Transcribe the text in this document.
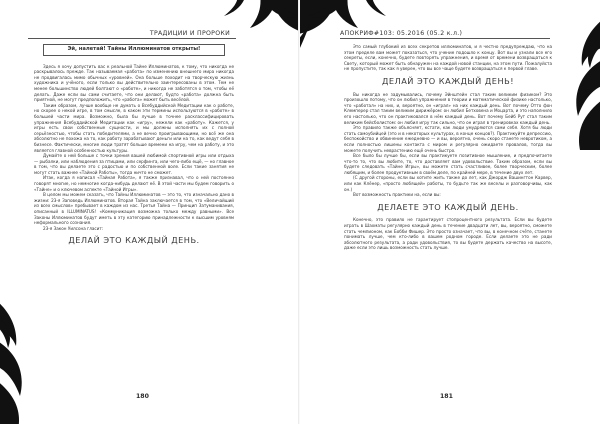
ТРАДИЦИИ И ПРОРОКИ
Эй, налетай! Тайны Иллюминатов открыты!

Здесь я хочу допустить вас к реальной Тайне Иллюминатов, к тому, что никогда не раскрывалось прежде. Так называемая «работа» по изменению внешнего мира никогда не продвигалась мимо обычных «уровней». Она больше походит на творческую жизнь художника и учёного, если только вы действительно заинтересованы в этом. Тем не менее большинство людей болтают о «работе», и никогда не заботятся о том, чтобы её делать. Даже если вы сами считаете, что они делают, будто «работа» должна быть приятной, не могут предположить, что «работа» может быть весёлой.

Таким образом, лучше вообще не думать о Всебуддийской Медитации как о работе, но скорее о некой игре, в том смысле, в каком эти термины используются в «работе» в большей части мира. Возможно, была бы лучше в точнее расклассифицировать упражнения Всебуддийской Медитации как «игру», нежели как «работу». Кажется, у игры есть свои собственные сущности, и мы должны исполнять их с полной серьёзностью, чтобы стать победителями, а не вечно проигрывающими, но всё же она абсолютно не похожа на то, как работу зарабатывают деньги или на то, как ведут себя в бизнесе. Фактически, многие люди тратят больше времени на игру, чем на работу, и это является главной особенностью культуры.

Думайте о ней больше с точки зрения вашей любимой спортивной игры или отдыха — рыбалки, или наблюдения за птицами, или серфинга, или чего-либо ещё, — но главное в том, что вы делаете это с радостью и по собственной воле. Если такие занятия не могут стать важнее «Тайной Работы», тогда ничто не сможет.

Итак, когда я написал «Тайная Работа», я также признавал, что о ней постоянно говорят многие, но немногие когда-нибудь делают её. В этой части мы будем говорить о «Тайне» и о ключевом аспекте «Тайной Игры».

В целом мы можем сказать, что Тайны Иллюминатов — это то, что изначально дано в жизни: 23-я Заповедь Иллюминатов. Вторая Тайна заключается в том, что «Величайший из всех смыслов» пребывает в каждом из нас. Третья Тайна — Принцип Затуманивания, описанный в ILLUMINATUS! «Коммуникация возможна только между равными». Все Законы Иллюминатов будут иметь в эту категорию принадлежности к высшим уровням неформального сознания.

23-я Закон Уилсона гласит:

ДЕЛАЙ ЭТО КАЖДЫЙ ДЕНЬ.
180
АПОКРИФ#103: 05.2016 (05.2 к.л.)

Это самый глубокий из всех секретов иллюминатов, и я честно предупреждаю, что на этом пределе вам может показаться, что учение подошло к концу. Вот вы и узнали все его секреты, если, конечно, будете повторять упражнения, и время от времени возвращаться к Свету, который может быть обнаружен на каждой новой станции, на этом пути. Пожалуйста не пропустите, так как я уверен, что вы все чаще будете возвращаться к первой главе.

ДЕЛАЙ ЭТО КАЖДЫЙ ДЕНЬ!

Вы никогда не задумывались, почему Эйнштейн стал таким великим физиком? Это произошло потому, что он любил упражнения в теории и математической физике настолько, что «работал» на них, и, вероятно, он «играл» на них каждый день. Вот почему Отто фон Клемперер стал таким великим дирижёром: он любил Бетховена и Моцарта, и это наполнило его настолько, что он практиковался в нём каждый день. Вот почему Бейб Рут стал таким великим бейсболистом: он любил игру так сильно, что он играл в тренировках каждый день.

Это правило также объясняет, кстати, как люди умудряются сами себя. Хотя бы люди стать самоубийцей (это и в некоторых культурах, в конце концов?). Практикуйте депрессию, беспокойство и обвинение ежедневно — и вы, вероятно, очень скоро станете невротиком, а если полностью лишены контакта с миром и регулярно ожидаете провалов, тогда вы можете получить неврастению ещё очень быстро.

Все было бы лучше бы, если вы практикуете позитивное мышление, и предпочитаете что-то то, что вы любите, то, что доставляет вам удовольствие. Таким образом, если вы будете следовать «Тайне Игры», вы можете стать счастливее, более творческим, более любящим, и более продуктивным в своём деле, по крайней мере, в течение двух лет.

(С другой стороны, если вы хотите жить также до лет, как Джордж Вашингтон Карвер, или как Клёнер, «просто любящей» работы, то будьте так же веселы и разговорчивы, как он.)

Вот возможность практики на, если вы:

ДЕЛАЕТЕ ЭТО КАЖДЫЙ ДЕНЬ.

Конечно, это правило не гарантирует стопроцентного результата. Если вы будете играть в Шахматы регулярно каждый день в течение двадцати лет, вы, вероятно, сможете стать чемпионом, как Бобби Фишер. Это просто означает, что вы, в конечном счёте, станете понимать лучше, чем кто-либо в вашем родном городе. Если делаете это не ради абсолютного результата, а ради удовольствия, то вы будете держать качество на высоте, даже если это лишь возможность стать лучше.

181
